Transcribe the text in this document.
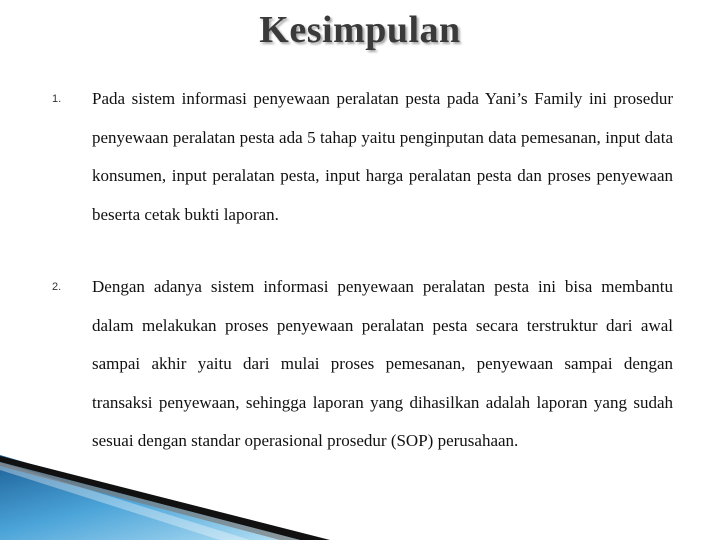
Kesimpulan
1. Pada sistem informasi penyewaan peralatan pesta pada Yani’s Family ini prosedur penyewaan peralatan pesta ada 5 tahap yaitu penginputan data pemesanan, input data konsumen, input peralatan pesta, input harga peralatan pesta dan proses penyewaan beserta cetak bukti laporan.
2. Dengan adanya sistem informasi penyewaan peralatan pesta ini bisa membantu dalam melakukan proses penyewaan peralatan pesta secara terstruktur dari awal sampai akhir yaitu dari mulai proses pemesanan, penyewaan sampai dengan transaksi penyewaan, sehingga laporan yang dihasilkan adalah laporan yang sudah sesuai dengan standar operasional prosedur (SOP) perusahaan.
